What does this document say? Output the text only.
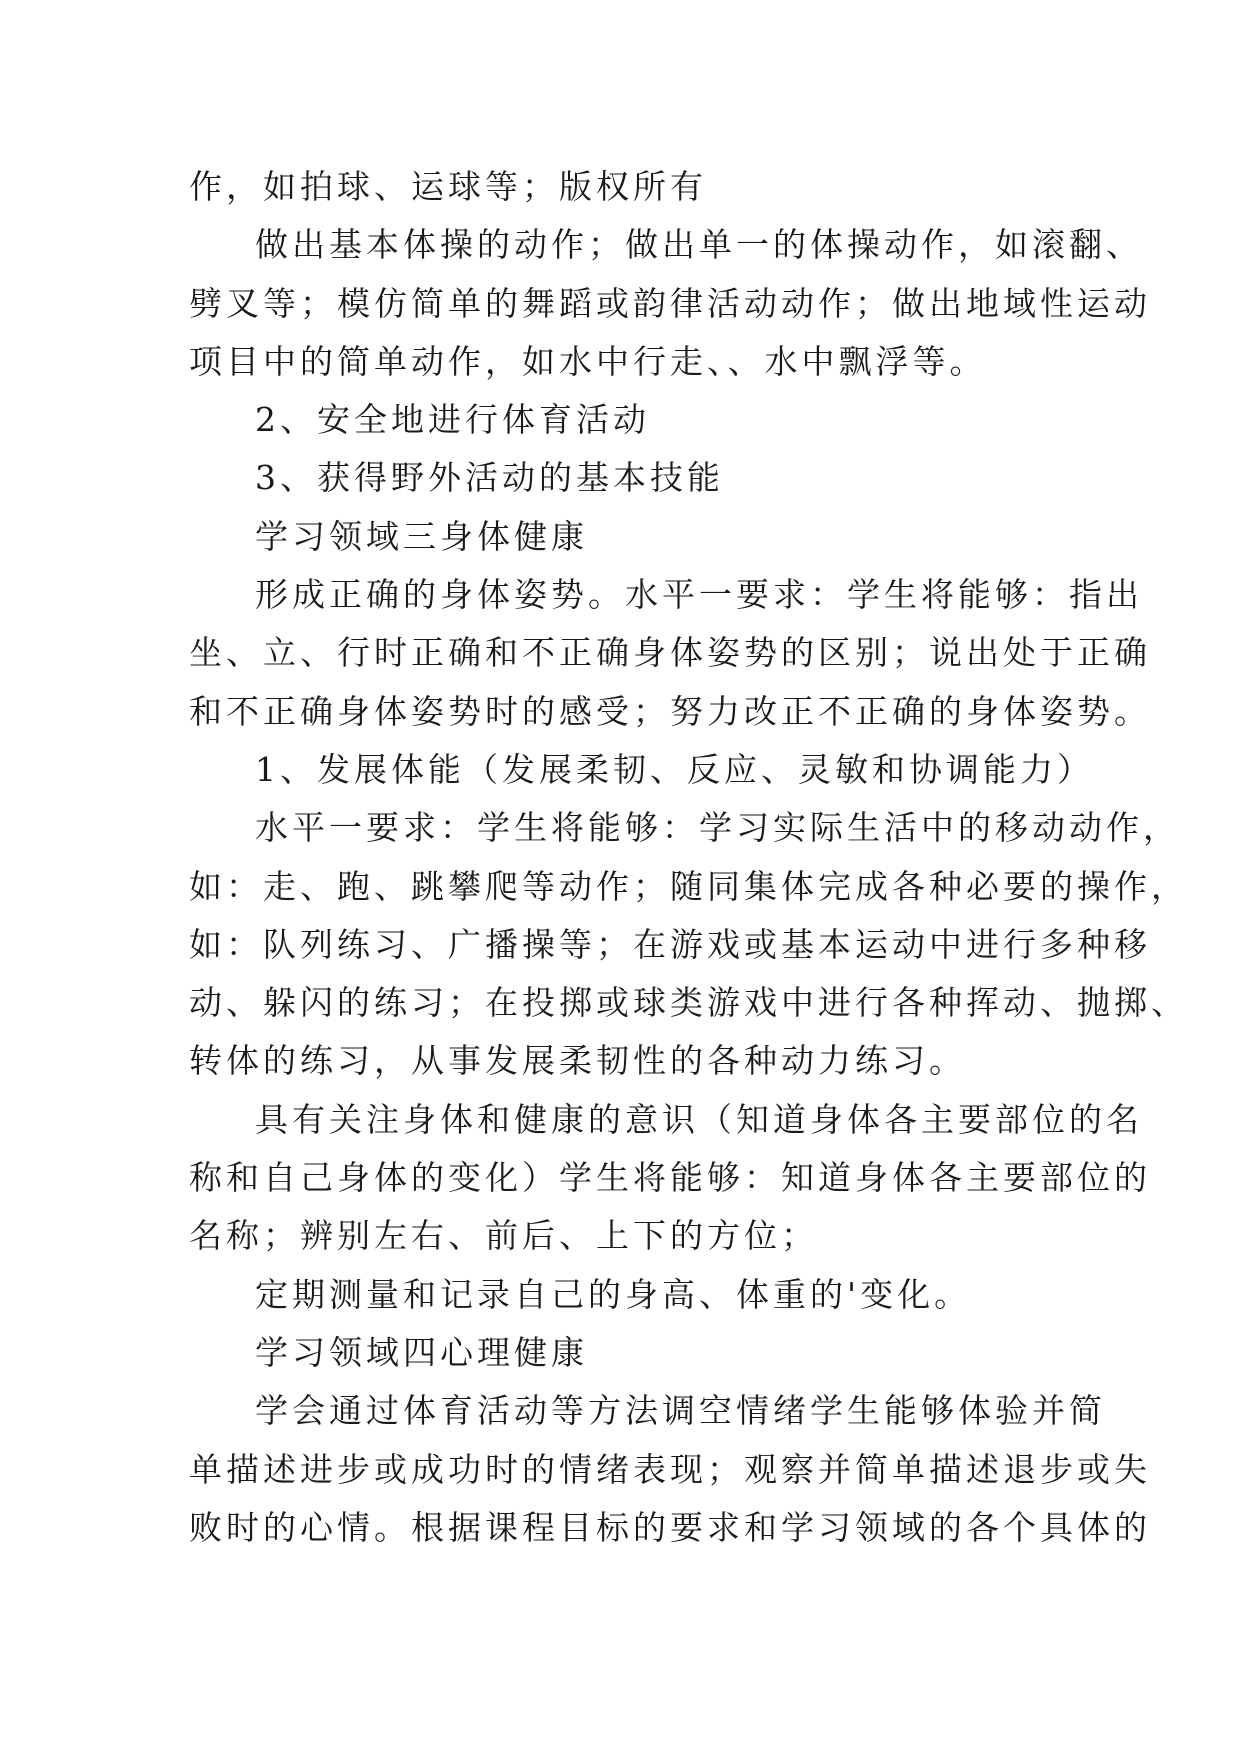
作，如拍球、运球等；版权所有
做出基本体操的动作；做出单一的体操动作，如滚翻、
劈叉等；模仿简单的舞蹈或韵律活动动作；做出地域性运动
项目中的简单动作，如水中行走、、水中飘浮等。
2、安全地进行体育活动
3、获得野外活动的基本技能
学习领域三身体健康
形成正确的身体姿势。水平一要求：学生将能够：指出
坐、立、行时正确和不正确身体姿势的区别；说出处于正确
和不正确身体姿势时的感受；努力改正不正确的身体姿势。
1、发展体能（发展柔韧、反应、灵敏和协调能力）
水平一要求：学生将能够：学习实际生活中的移动动作，
如：走、跑、跳攀爬等动作；随同集体完成各种必要的操作，
如：队列练习、广播操等；在游戏或基本运动中进行多种移
动、躲闪的练习；在投掷或球类游戏中进行各种挥动、抛掷、
转体的练习，从事发展柔韧性的各种动力练习。
具有关注身体和健康的意识（知道身体各主要部位的名
称和自己身体的变化）学生将能够：知道身体各主要部位的
名称；辨别左右、前后、上下的方位；
定期测量和记录自己的身高、体重的'变化。
学习领域四心理健康
学会通过体育活动等方法调空情绪学生能够体验并简
单描述进步或成功时的情绪表现；观察并简单描述退步或失
败时的心情。根据课程目标的要求和学习领域的各个具体的
